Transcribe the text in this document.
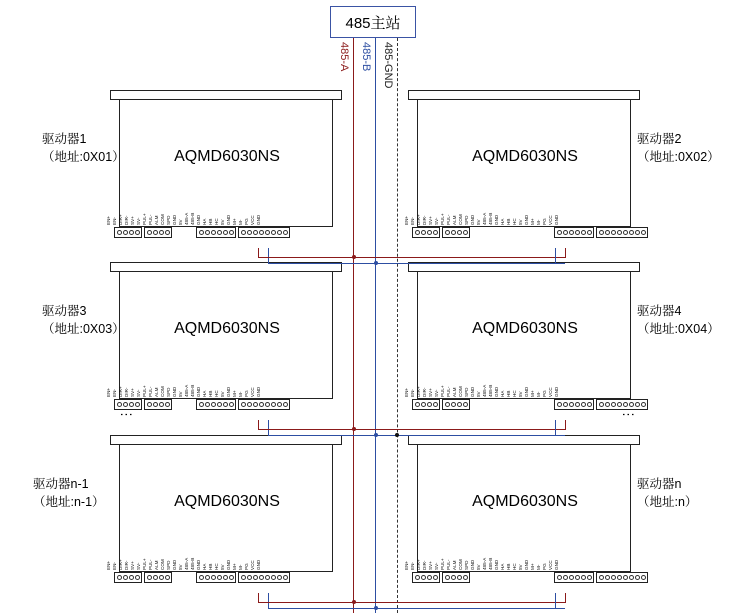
485主站
485-A 485-B 485-GND
AQMD6030NS
EN+ EN- DIR+ DIR- SV+ SV- PUL+ PUL- ALM COM SPD GND 5V 485-A 485-B GND HA HB HC 5V GND M+ M- PG VCC GND
AQMD6030NS
EN+ EN- DIR+ DIR- SV+ SV- PUL+ PUL- ALM COM SPD GND 5V 485-A 485-B GND HA HB HC 5V GND M+ M- PG VCC GND
AQMD6030NS
EN+ EN- DIR+ DIR- SV+ SV- PUL+ PUL- ALM COM SPD GND 5V 485-A 485-B GND HA HB HC 5V GND M+ M- PG VCC GND
AQMD6030NS
EN+ EN- DIR+ DIR- SV+ SV- PUL+ PUL- ALM COM SPD GND 5V 485-A 485-B GND HA HB HC 5V GND M+ M- PG VCC GND
AQMD6030NS
EN+ EN- DIR+ DIR- SV+ SV- PUL+ PUL- ALM COM SPD GND 5V 485-A 485-B GND HA HB HC 5V GND M+ M- PG VCC GND
AQMD6030NS
EN+ EN- DIR+ DIR- SV+ SV- PUL+ PUL- ALM COM SPD GND 5V 485-A 485-B GND HA HB HC 5V GND M+ M- PG VCC GND
驱动器1
（地址:0X01）
驱动器3
（地址:0X03）
驱动器n-1
（地址:n-1）
驱动器2
（地址:0X02）
驱动器4
（地址:0X04）
驱动器n
（地址:n）
⋮	⋮
